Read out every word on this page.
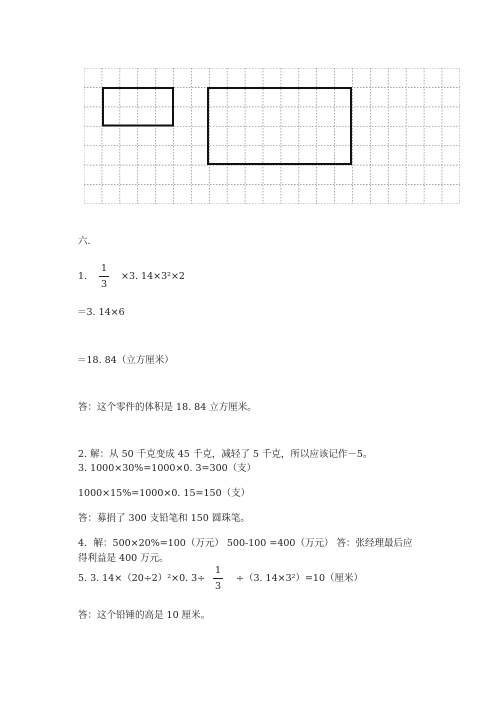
六.
1.
1
3
×3. 14×3²×2
＝3. 14×6
＝18. 84（立方厘米）
答：这个零件的体积是 18. 84 立方厘米。
2. 解：从 50 千克变成 45 千克，减轻了 5 千克，所以应该记作－5。
3. 1000×30%=1000×0. 3=300（支）
1000×15%=1000×0. 15=150（支）
答：募捐了 300 支铅笔和 150 圆珠笔。
4．解：500×20%=100（万元） 500-100 =400（万元） 答：张经理最后应
得利益是 400 万元。
5. 3. 14×（20÷2）²×0. 3÷
1
3
÷（3. 14×3²）=10（厘米）
答：这个铅锤的高是 10 厘米。
